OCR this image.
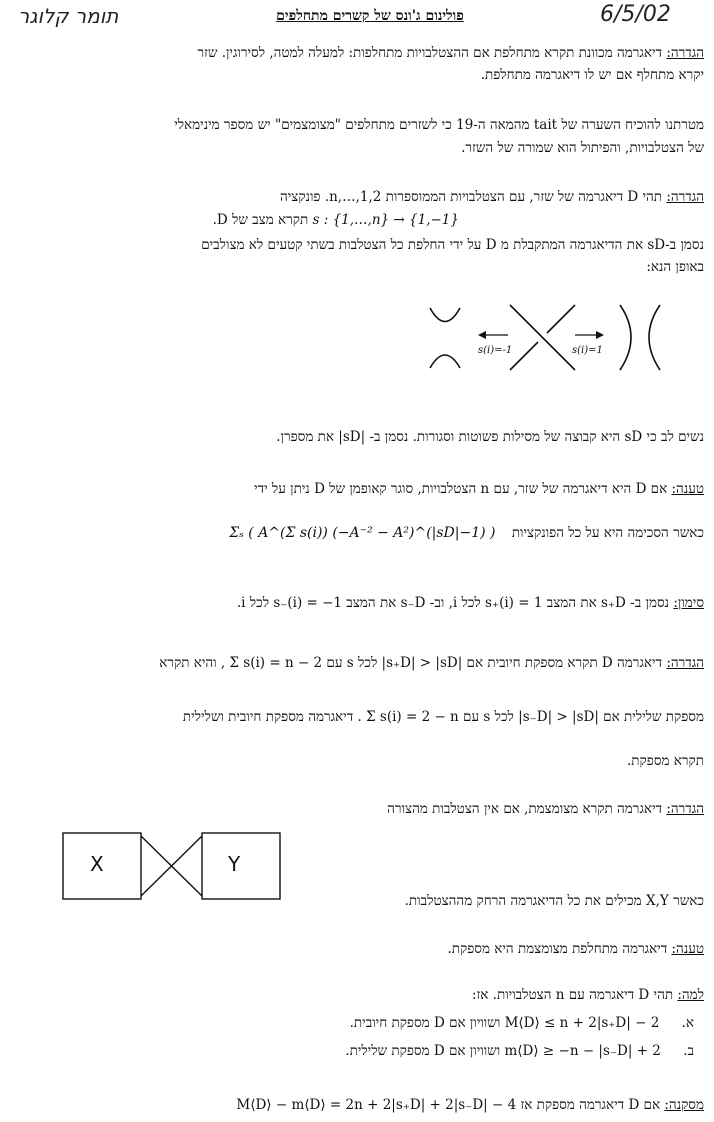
תומר קלוגר	פולינום ג'ונס של קשרים מתחלפים	6/5/02
הגדרה: דיאגרמה מכוונת תקרא מתחלפת אם ההצטלבויות מתחלפות: למעלה למטה, לסירוגין. שזר
יקרא מתחלף אם יש לו דיאגרמה מתחלפת.
מטרתנו להוכיח השערה של tait מהמאה ה-19 כי לשזרים מתחלפים "מצומצמים" יש מספר מינימאלי
של הצטלבויות, והפיתול הוא שמורה של השזר.
הגדרה: תהי D דיאגרמה של שזר, עם הצטלבויות הממוספרות 1,2,…,n. פונקציה
s : {1,…,n} → {1,−1} תקרא מצב של D.
נסמן ב-sD את הדיאגרמה המתקבלת מ D על ידי החלפת כל הצטלבות בשתי קטעים לא מצולבים
באופן הנא:
s(i)=-1	s(i)=1
נשים לב כי sD היא קבוצה של מסילות פשוטות וסגורות. נסמן ב- |sD| את מספרן.
טענה: אם D היא דיאגרמה של שזר, עם n הצטלבויות, סוגר קאופמן של D ניתן על ידי
כאשר הסכימה היא על כל הפונקציות Σₛ ( A^(Σ s(i)) (−A⁻² − A²)^(|sD|−1) )
סימון: נסמן ב- s₊D את המצב s₊(i) = 1 לכל i, וב- s₋D את המצב s₋(i) = −1 לכל i.
הגדרה: דיאגרמה D תקרא מספקת חיובית אם |s₊D| > |sD| לכל s עם Σ s(i) = n − 2 , והיא תקרא
מספקת שלילית אם |s₋D| > |sD| לכל s עם Σ s(i) = 2 − n . דיאגרמה מספקת חיובית ושלילית
תקרא מספקת.
הגדרה: דיאגרמה תקרא מצומצמת, אם אין הצטלבות מהצורה
X	Y
כאשר X,Y מכילים את כל הדיאגרמה הרחק מההצטלבות.
טענה: דיאגרמה מתחלפת מצומצמת היא מספקת.
למה: תהי D דיאגרמה עם n הצטלבויות. אז:
א. M⟨D⟩ ≤ n + 2|s₊D| − 2 ושוויון אם D מספקת חיובית.
ב. m⟨D⟩ ≥ −n − |s₋D| + 2 ושוויון אם D מספקת שלילית.
מסקנה: אם D דיאגרמה מספקת אז M⟨D⟩ − m⟨D⟩ = 2n + 2|s₊D| + 2|s₋D| − 4
